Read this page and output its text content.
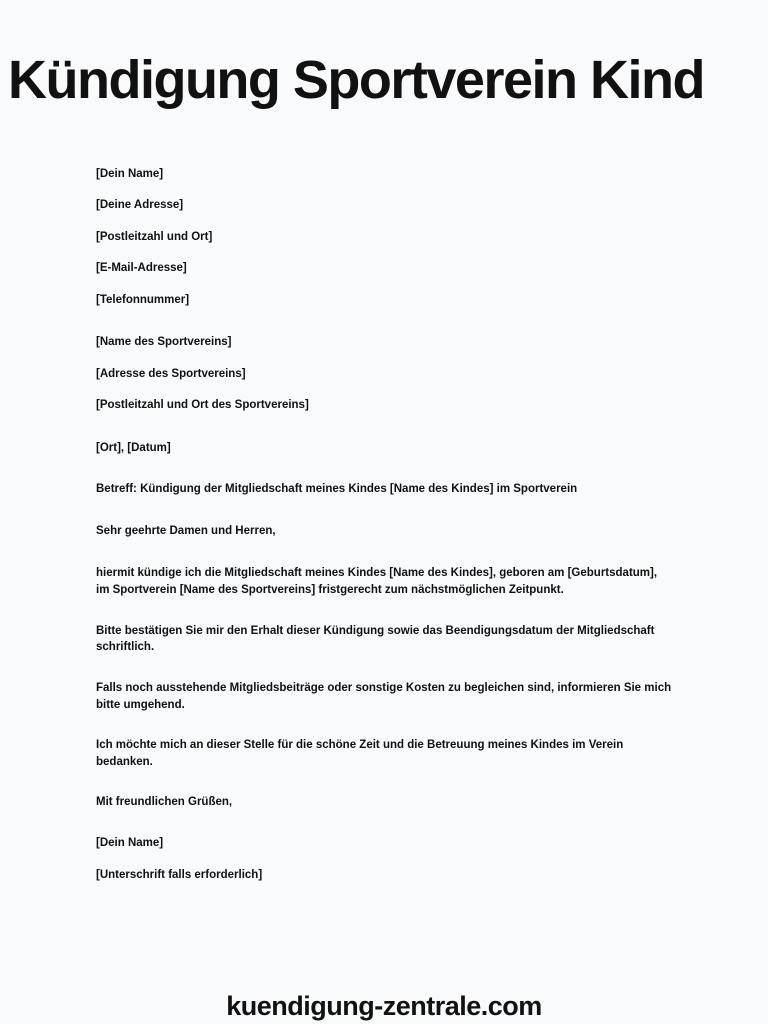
Kündigung Sportverein Kind

[Dein Name]

[Deine Adresse]

[Postleitzahl und Ort]

[E-Mail-Adresse]

[Telefonnummer]

[Name des Sportvereins]

[Adresse des Sportvereins]

[Postleitzahl und Ort des Sportvereins]

[Ort], [Datum]

Betreff: Kündigung der Mitgliedschaft meines Kindes [Name des Kindes] im Sportverein

Sehr geehrte Damen und Herren,

hiermit kündige ich die Mitgliedschaft meines Kindes [Name des Kindes], geboren am [Geburtsdatum], im Sportverein [Name des Sportvereins] fristgerecht zum nächstmöglichen Zeitpunkt.

Bitte bestätigen Sie mir den Erhalt dieser Kündigung sowie das Beendigungsdatum der Mitgliedschaft schriftlich.

Falls noch ausstehende Mitgliedsbeiträge oder sonstige Kosten zu begleichen sind, informieren Sie mich bitte umgehend.

Ich möchte mich an dieser Stelle für die schöne Zeit und die Betreuung meines Kindes im Verein bedanken.

Mit freundlichen Grüßen,

[Dein Name]

[Unterschrift falls erforderlich]

kuendigung-zentrale.com
